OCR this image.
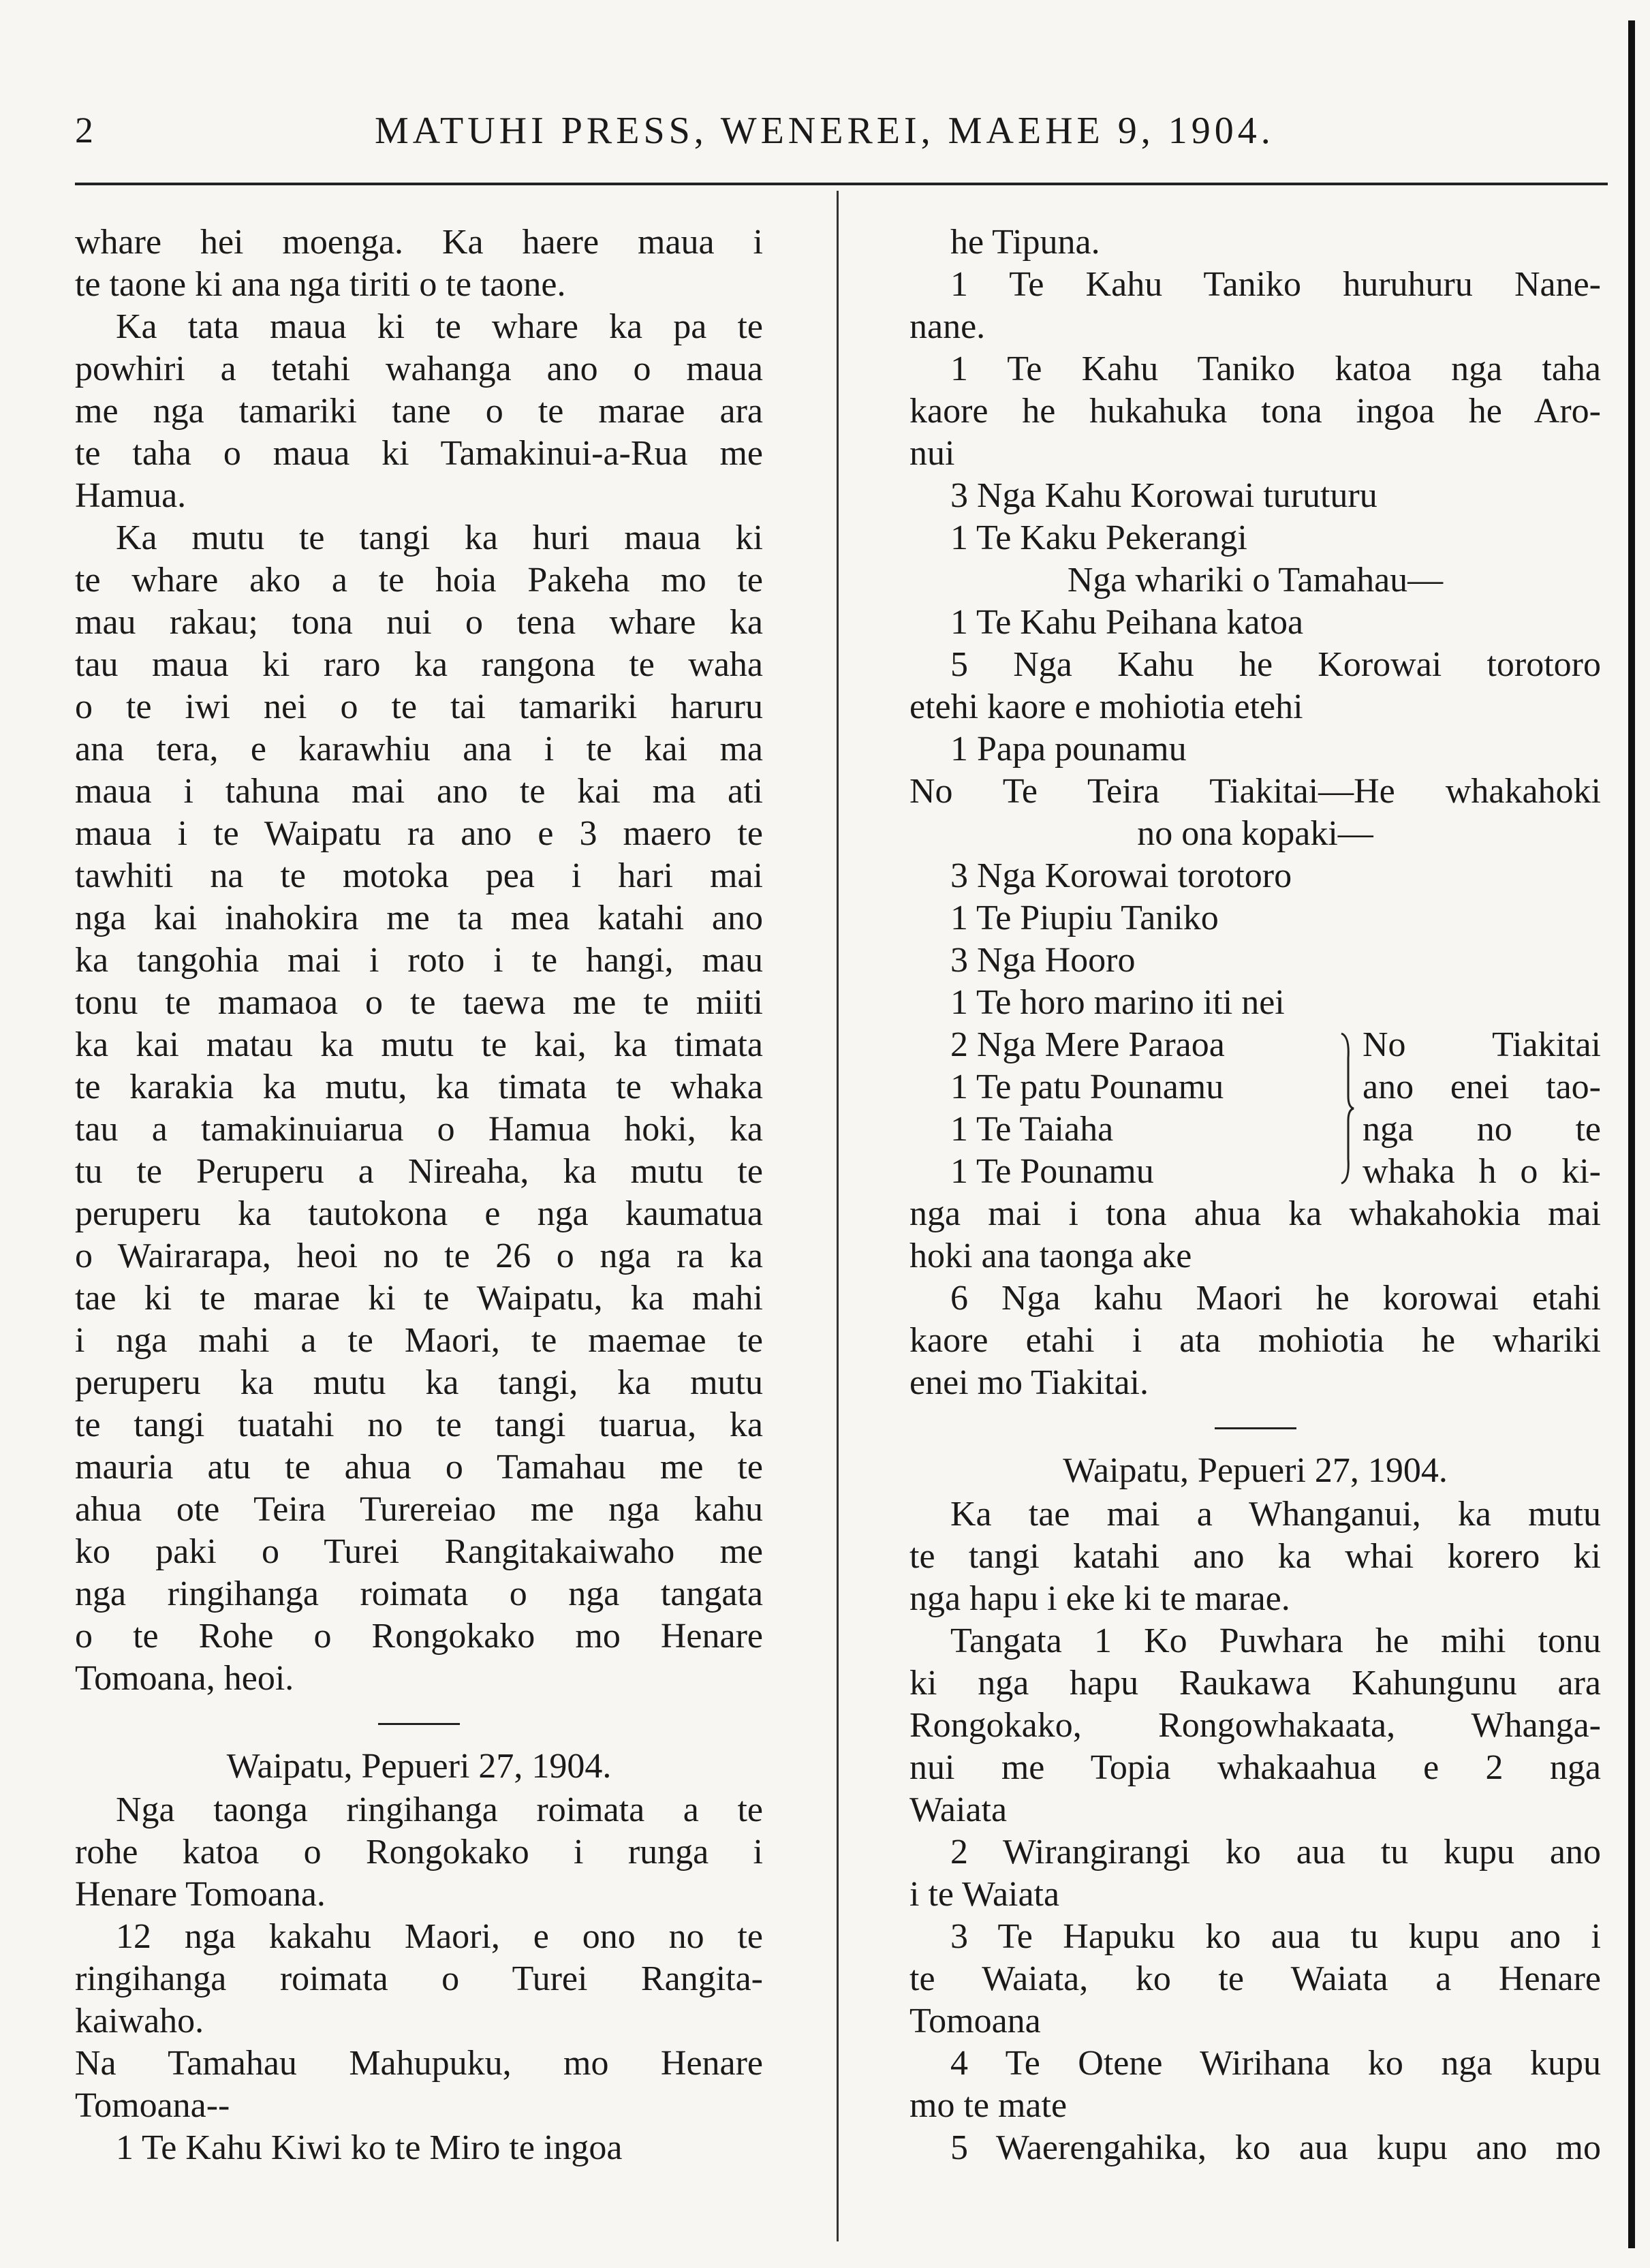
2	MATUHI PRESS, WENEREI, MAEHE 9, 1904.

whare hei moenga. Ka haere maua i
te taone ki ana nga tiriti o te taone.

Ka tata maua ki te whare ka pa te
powhiri a tetahi wahanga ano o maua
me nga tamariki tane o te marae ara
te taha o maua ki Tamakinui-a-Rua me
Hamua.

Ka mutu te tangi ka huri maua ki
te whare ako a te hoia Pakeha mo te
mau rakau; tona nui o tena whare ka
tau maua ki raro ka rangona te waha
o te iwi nei o te tai tamariki haruru
ana tera, e karawhiu ana i te kai ma
maua i tahuna mai ano te kai ma ati
maua i te Waipatu ra ano e 3 maero te
tawhiti na te motoka pea i hari mai
nga kai inahokira me ta mea katahi ano
ka tangohia mai i roto i te hangi, mau
tonu te mamaoa o te taewa me te miiti
ka kai matau ka mutu te kai, ka timata
te karakia ka mutu, ka timata te whaka
tau a tamakinuiarua o Hamua hoki, ka
tu te Peruperu a Nireaha, ka mutu te
peruperu ka tautokona e nga kaumatua
o Wairarapa, heoi no te 26 o nga ra ka
tae ki te marae ki te Waipatu, ka mahi
i nga mahi a te Maori, te maemae te
peruperu ka mutu ka tangi, ka mutu
te tangi tuatahi no te tangi tuarua, ka
mauria atu te ahua o Tamahau me te
ahua ote Teira Turereiao me nga kahu
ko paki o Turei Rangitakaiwaho me
nga ringihanga roimata o nga tangata
o te Rohe o Rongokako mo Henare
Tomoana, heoi.

Waipatu, Pepueri 27, 1904.

Nga taonga ringihanga roimata a te
rohe katoa o Rongokako i runga i
Henare Tomoana.

12 nga kakahu Maori, e ono no te
ringihanga roimata o Turei Rangita-
kaiwaho.

Na Tamahau Mahupuku, mo Henare
Tomoana--

1 Te Kahu Kiwi ko te Miro te ingoa

he Tipuna.

1 Te Kahu Taniko huruhuru Nane-
nane.

1 Te Kahu Taniko katoa nga taha
kaore he hukahuka tona ingoa he Aro-
nui

3 Nga Kahu Korowai turuturu
1 Te Kaku Pekerangi
Nga whariki o Tamahau—
1 Te Kahu Peihana katoa

5 Nga Kahu he Korowai torotoro
etehi kaore e mohiotia etehi

1 Papa pounamu
No Te Teira Tiakitai—He whakahoki
no ona kopaki—
3 Nga Korowai torotoro
1 Te Piupiu Taniko
3 Nga Hooro
1 Te horo marino iti nei
2 Nga Mere Paraoa
1 Te patu Pounamu
1 Te Taiaha
1 Te Pounamu
No Tiakitai
ano enei tao-
nga no te
whaka h o ki-

nga mai i tona ahua ka whakahokia mai
hoki ana taonga ake

6 Nga kahu Maori he korowai etahi
kaore etahi i ata mohiotia he whariki
enei mo Tiakitai.

Waipatu, Pepueri 27, 1904.

Ka tae mai a Whanganui, ka mutu
te tangi katahi ano ka whai korero ki
nga hapu i eke ki te marae.

Tangata 1 Ko Puwhara he mihi tonu
ki nga hapu Raukawa Kahungunu ara
Rongokako, Rongowhakaata, Whanga-
nui me Topia whakaahua e 2 nga
Waiata

2 Wirangirangi ko aua tu kupu ano
i te Waiata

3 Te Hapuku ko aua tu kupu ano i
te Waiata, ko te Waiata a Henare
Tomoana

4 Te Otene Wirihana ko nga kupu
mo te mate

5 Waerengahika, ko aua kupu ano mo
